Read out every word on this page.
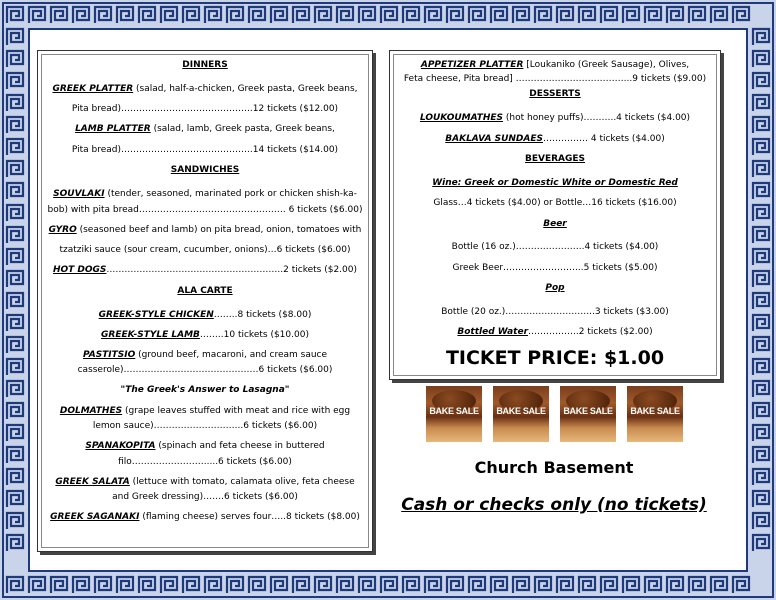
DINNERS
GREEK PLATTER (salad, half-a-chicken, Greek pasta, Greek beans,
Pita bread)……………………………………..12 tickets ($12.00)
LAMB PLATTER (salad, lamb, Greek pasta, Greek beans,
Pita bread)……………………………………..14 tickets ($14.00)
SANDWICHES
SOUVLAKI (tender, seasoned, marinated pork or chicken shish-ka-
bob) with pita bread…………………………………………. 6 tickets ($6.00)
GYRO (seasoned beef and lamb) on pita bread, onion, tomatoes with
tzatziki sauce (sour cream, cucumber, onions)…6 tickets ($6.00)
HOT DOGS…………………………………………………..2 tickets ($2.00)
ALA CARTE
GREEK-STYLE CHICKEN……..8 tickets ($8.00)
GREEK-STYLE LAMB……..10 tickets ($10.00)
PASTITSIO (ground beef, macaroni, and cream sauce
casserole)………………………………………6 tickets ($6.00)
"The Greek's Answer to Lasagna"
DOLMATHES (grape leaves stuffed with meat and rice with egg
lemon sauce)………………………...6 tickets ($6.00)
SPANAKOPITA (spinach and feta cheese in buttered
filo…………………….....6 tickets ($6.00)
GREEK SALATA (lettuce with tomato, calamata olive, feta cheese
and Greek dressing)…….6 tickets ($6.00)
GREEK SAGANAKI (flaming cheese) serves four…..8 tickets ($8.00)
APPETIZER PLATTER [Loukaniko (Greek Sausage), Olives,
Feta cheese, Pita bread] ………………………………...9 tickets ($9.00)
DESSERTS
LOUKOUMATHES (hot honey puffs)………..4 tickets ($4.00)
BAKLAVA SUNDAES…………… 4 tickets ($4.00)
BEVERAGES
Wine: Greek or Domestic White or Domestic Red
Glass…4 tickets ($4.00) or Bottle…16 tickets ($16.00)
Beer
Bottle (16 oz.)…………………..4 tickets ($4.00)
Greek Beer……………………...5 tickets ($5.00)
Pop
Bottle (20 oz.)………………………...3 tickets ($3.00)
Bottled Water……………..2 tickets ($2.00)
TICKET PRICE: $1.00
BAKE SALE	BAKE SALE	BAKE SALE	BAKE SALE
Church Basement
Cash or checks only (no tickets)
